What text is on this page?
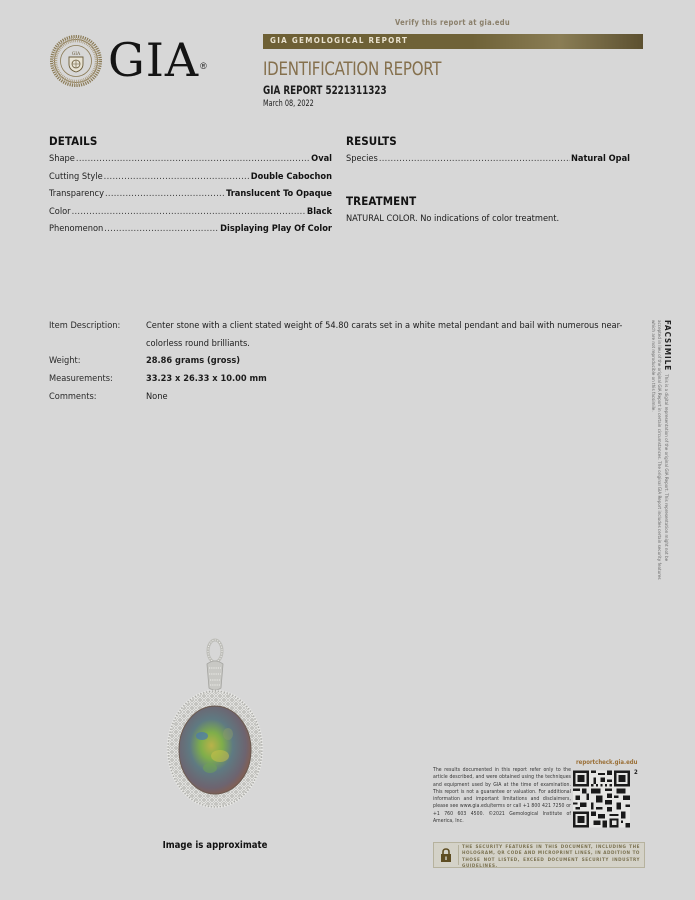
GIA GIA®
Verify this report at gia.edu
GIA GEMOLOGICAL REPORT
IDENTIFICATION REPORT
GIA REPORT 5221311323
March 08, 2022
DETAILS
Shape .....	Oval
Cutting Style .....	Double Cabochon
Transparency .....	Translucent To Opaque
Color .....	Black
Phenomenon .....	Displaying Play Of Color
RESULTS
Species .....	Natural Opal
TREATMENT

NATURAL COLOR. No indications of color treatment.

Item Description:	Center stone with a client stated weight of 54.80 carats set in a white metal pendant and bail with numerous near-colorless round brilliants.
Weight:	28.86 grams (gross)
Measurements:	33.23 x 26.33 x 10.00 mm
Comments:	None
FACSIMILEThis is a digital representation of the original GIA Report. This representation might not be accepted in lieu of the original GIA Report in certain circumstances. The original GIA Report includes certain security features which are not reproducible on this facsimile.
Image is approximate
The results documented in this report refer only to the article described, and were obtained using the techniques and equipment used by GIA at the time of examination. This report is not a guarantee or valuation. For additional information and important limitations and disclaimers, please see www.gia.edu/terms or call +1 800 421 7250 or +1 760 603 4500. ©2021 Gemological Institute of America, Inc.
reportcheck.gia.edu
2

THE SECURITY FEATURES IN THIS DOCUMENT, INCLUDING THE HOLOGRAM, QR CODE AND MICROPRINT LINES, IN ADDITION TO THOSE NOT LISTED, EXCEED DOCUMENT SECURITY INDUSTRY GUIDELINES.
